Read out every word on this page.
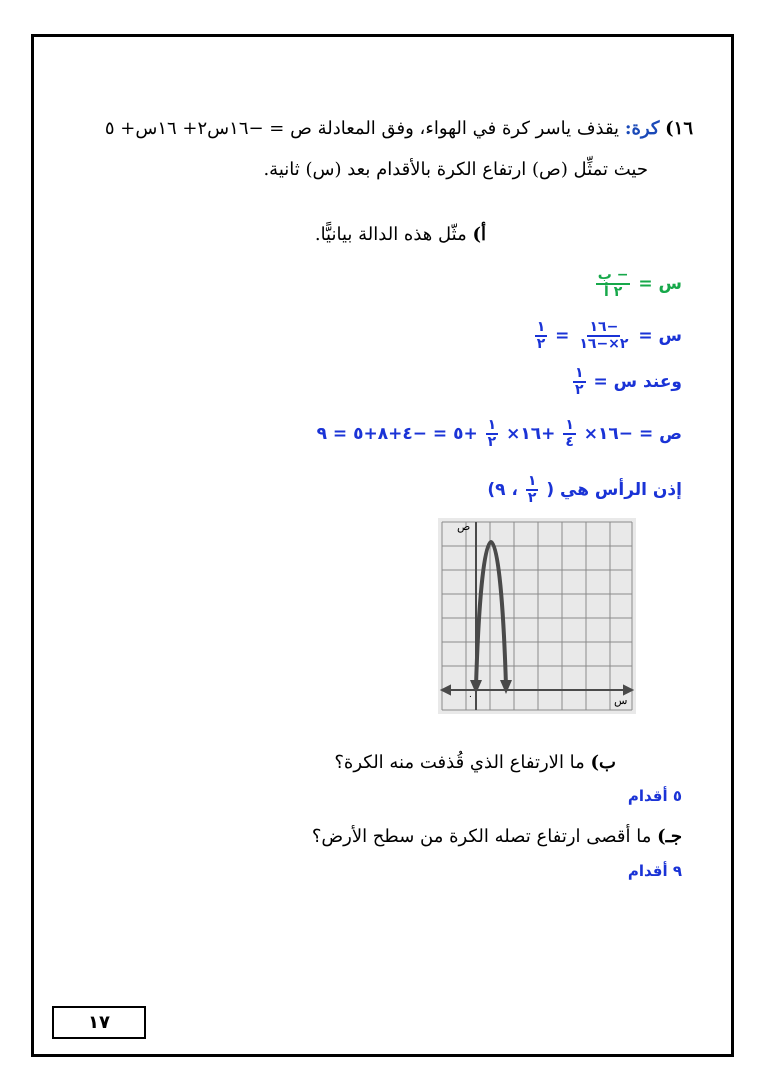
١٦) كرة: يقذف ياسر كرة في الهواء، وفق المعادلة ص = −١٦س٢+ ١٦س+ ٥
حيث تمثِّل (ص) ارتفاع الكرة بالأقدام بعد (س) ثانية.
أ) مثّل هذه الدالة بيانيًّا.
س =
$\frac{\text{− ب}}{\text{٢ أ}}$
س =
$\frac{-١٦}{٢\times-١٦}$
=
$\frac{١}{٢}$
وعند س =
$\frac{١}{٢}$
ص = −١٦×
$\frac{١}{٤}$
+١٦×
$\frac{١}{٢}$
+٥ = −٤+٨+٥ = ٩
إذن الرأس هي (
$\frac{١}{٢}$
، ٩)
ص
س
٠
ب) ما الارتفاع الذي قُذفت منه الكرة؟
٥ أقدام
جـ) ما أقصى ارتفاع تصله الكرة من سطح الأرض؟
٩ أقدام
١٧
